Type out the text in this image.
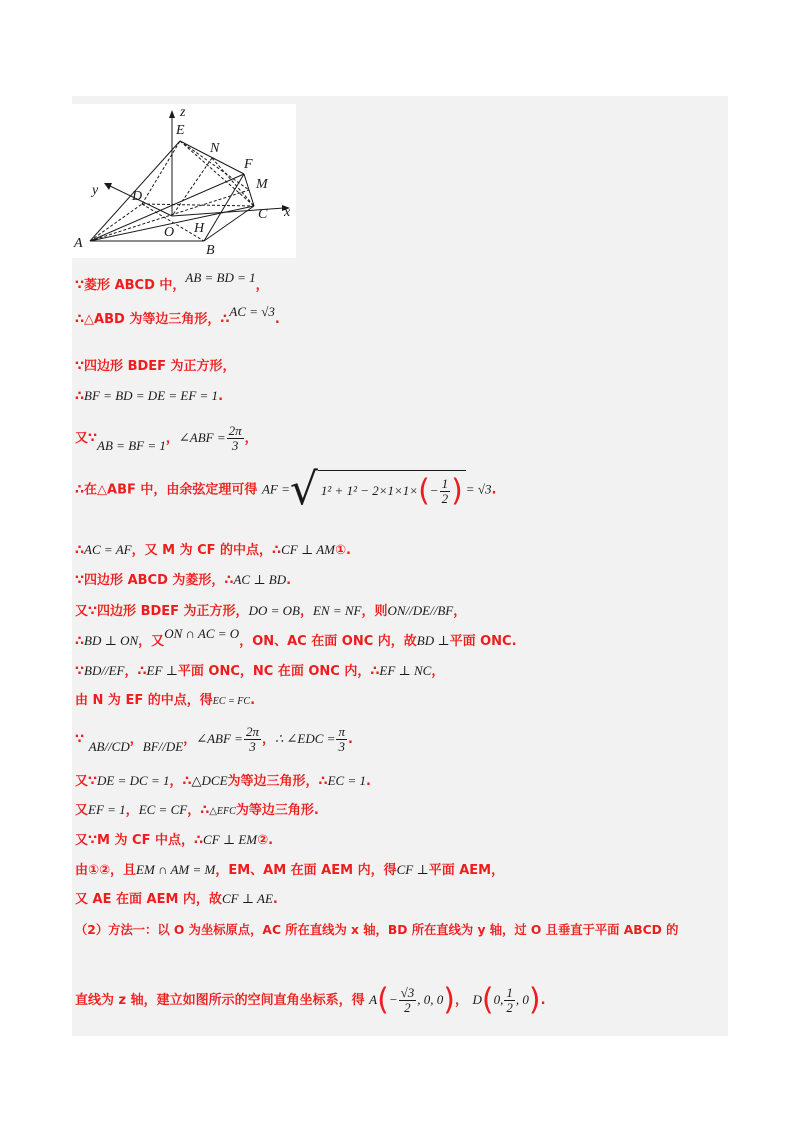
z
y
x
E
N
F
M
D
C
O H
A	B
∵菱形 ABCD 中，AB = BD = 1，
∴△ABD 为等边三角形，∴AC = √3.
∵四边形 BDEF 为正方形，
∴BF = BD = DE = EF = 1.
又∵AB = BF = 1，∠ABF = $\frac{2\pi}{3}$ ，
∴在△ABF 中，由余弦定理可得 AF =√ $1^2 + 1^2 - 2\times 1\times 1\times(- \frac{1}{2}$ ) = √3.
∴AC = AF，又 M 为 CF 的中点，∴CF ⊥ AM①.
∵四边形 ABCD 为菱形，∴AC ⊥ BD.
又∵四边形 BDEF 为正方形，DO = OB，EN = NF，则ON//DE//BF，
∴BD ⊥ ON，又ON ∩ AC = O，ON、AC 在面 ONC 内，故BD ⊥平面 ONC.
∵BD//EF，∴EF ⊥平面 ONC，NC 在面 ONC 内，∴EF ⊥ NC，
由 N 为 EF 的中点，得EC = FC.
∵ AB//CD，BF//DE，∠ABF = $\frac{2\pi}{3}$ ，∴ ∠EDC = $\frac{\pi}{3}$ .
又∵DE = DC = 1，∴△DCE为等边三角形，∴EC = 1.
又EF = 1，EC = CF，∴△EFC为等边三角形.
又∵M 为 CF 中点，∴CF ⊥ EM②.
由①②，且EM ∩ AM = M，EM、AM 在面 AEM 内，得CF ⊥平面 AEM，
又 AE 在面 AEM 内，故CF ⊥ AE.
（2）方法一：以 O 为坐标原点，AC 所在直线为 x 轴，BD 所在直线为 y 轴，过 O 且垂直于平面 ABCD 的
直线为 z 轴，建立如图所示的空间直角坐标系，得 $A(- \frac{√3}{2}$ , 0, 0)， D(0, $\frac{1}{2}$ , 0).
